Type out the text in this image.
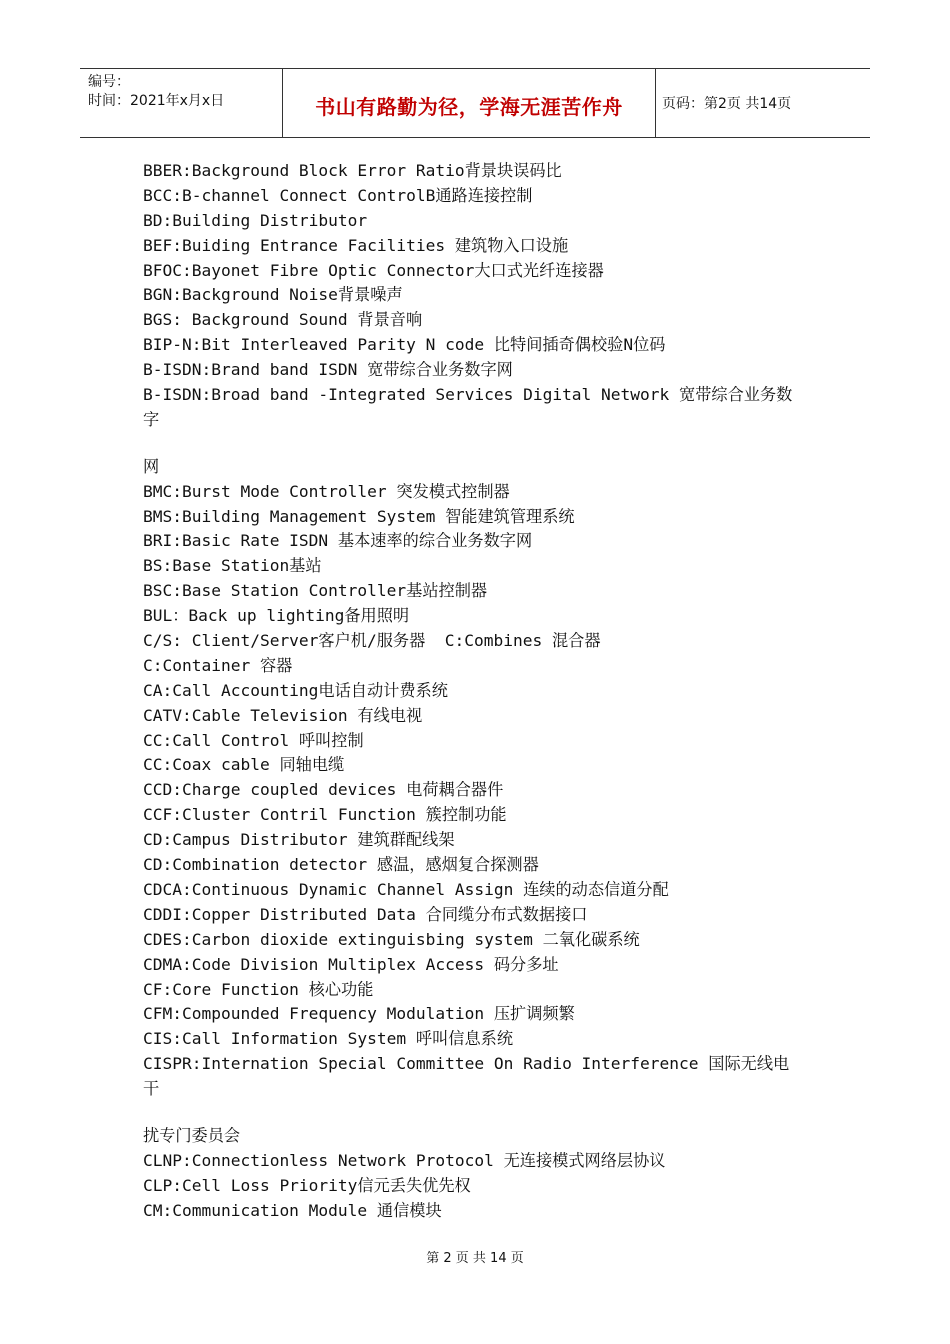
编号：
时间：2021年x月x日	书山有路勤为径，学海无涯苦作舟	页码：第2页 共14页
BBER:Background Block Error Ratio背景块误码比
BCC:B-channel Connect ControlB通路连接控制
BD:Building Distributor
BEF:Buiding Entrance Facilities 建筑物入口设施
BFOC:Bayonet Fibre Optic Connector大口式光纤连接器
BGN:Background Noise背景噪声
BGS: Background Sound 背景音响
BIP-N:Bit Interleaved Parity N code 比特间插奇偶校验N位码
B-ISDN:Brand band ISDN 宽带综合业务数字网
B-ISDN:Broad band -Integrated Services Digital Network 宽带综合业务数
字
网
BMC:Burst Mode Controller 突发模式控制器
BMS:Building Management System 智能建筑管理系统
BRI:Basic Rate ISDN 基本速率的综合业务数字网
BS:Base Station基站
BSC:Base Station Controller基站控制器
BUL：Back up lighting备用照明
C/S: Client/Server客户机/服务器  C:Combines 混合器
C:Container 容器
CA:Call Accounting电话自动计费系统
CATV:Cable Television 有线电视
CC:Call Control 呼叫控制
CC:Coax cable 同轴电缆
CCD:Charge coupled devices 电荷耦合器件
CCF:Cluster Contril Function 簇控制功能
CD:Campus Distributor 建筑群配线架
CD:Combination detector 感温，感烟复合探测器
CDCA:Continuous Dynamic Channel Assign 连续的动态信道分配
CDDI:Copper Distributed Data 合同缆分布式数据接口
CDES:Carbon dioxide extinguisbing system 二氧化碳系统
CDMA:Code Division Multiplex Access 码分多址
CF:Core Function 核心功能
CFM:Compounded Frequency Modulation 压扩调频繁
CIS:Call Information System 呼叫信息系统
CISPR:Internation Special Committee On Radio Interference 国际无线电
干
扰专门委员会
CLNP:Connectionless Network Protocol 无连接模式网络层协议
CLP:Cell Loss Priority信元丢失优先权
CM:Communication Module 通信模块
第 2 页 共 14 页
